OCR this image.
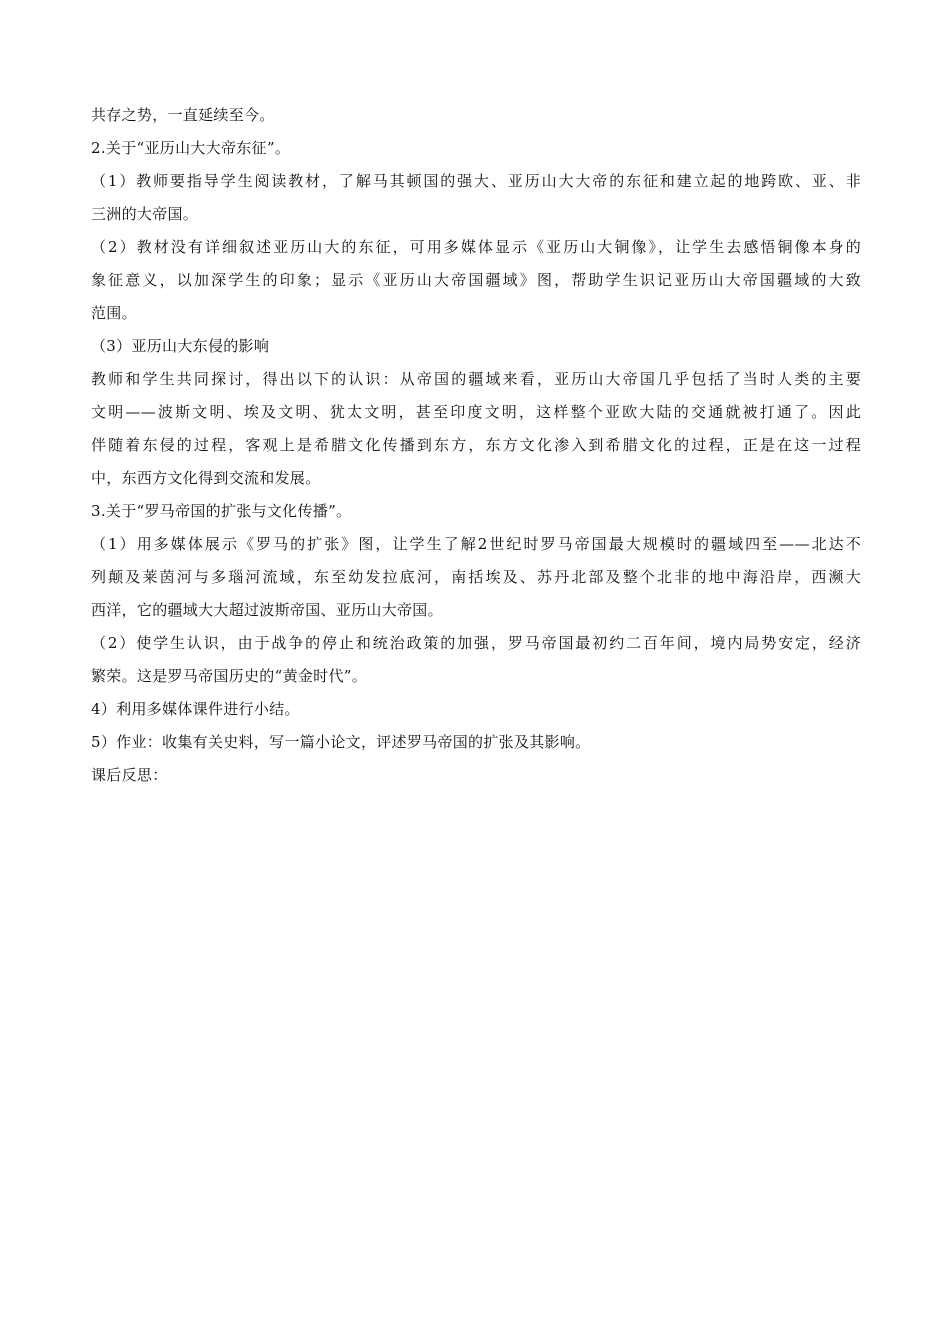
共存之势，一直延续至今。

2.关于“亚历山大大帝东征”。

（1）教师要指导学生阅读教材，了解马其顿国的强大、亚历山大大帝的东征和建立起的地跨欧、亚、非

三洲的大帝国。

（2）教材没有详细叙述亚历山大的东征，可用多媒体显示《亚历山大铜像》，让学生去感悟铜像本身的

象征意义，以加深学生的印象；显示《亚历山大帝国疆域》图，帮助学生识记亚历山大帝国疆域的大致

范围。

（3）亚历山大东侵的影响

教师和学生共同探讨，得出以下的认识：从帝国的疆域来看，亚历山大帝国几乎包括了当时人类的主要

文明——波斯文明、埃及文明、犹太文明，甚至印度文明，这样整个亚欧大陆的交通就被打通了。因此

伴随着东侵的过程，客观上是希腊文化传播到东方，东方文化渗入到希腊文化的过程，正是在这一过程

中，东西方文化得到交流和发展。

3.关于“罗马帝国的扩张与文化传播”。

（1）用多媒体展示《罗马的扩张》图，让学生了解2世纪时罗马帝国最大规模时的疆域四至——北达不

列颠及莱茵河与多瑙河流域，东至幼发拉底河，南括埃及、苏丹北部及整个北非的地中海沿岸，西濒大

西洋，它的疆域大大超过波斯帝国、亚历山大帝国。

（2）使学生认识，由于战争的停止和统治政策的加强，罗马帝国最初约二百年间，境内局势安定，经济

繁荣。这是罗马帝国历史的“黄金时代”。

4）利用多媒体课件进行小结。

5）作业：收集有关史料，写一篇小论文，评述罗马帝国的扩张及其影响。

课后反思：
